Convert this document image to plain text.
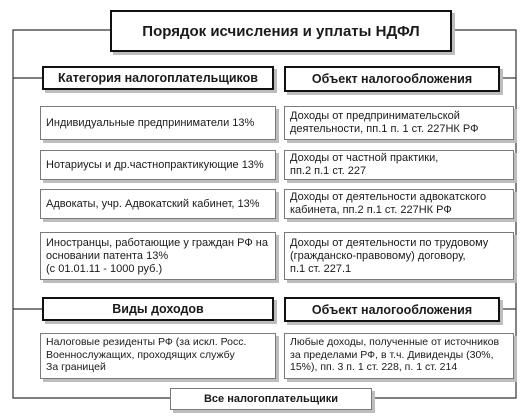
Порядок исчисления и уплаты НДФЛ
Категория налогоплательщиков	Объект налогообложения
Индивидуальные предприниматели 13%
Нотариусы и др.частнопрактикующие 13%
Адвокаты, учр. Адвокатский кабинет, 13%
Иностранцы, работающие у граждан РФ на основании патента 13%
(с 01.01.11 - 1000 руб.)
Доходы от предпринимательской деятельности, пп.1 п. 1 ст. 227НК РФ
Доходы от частной практики,
пп.2 п.1 ст. 227
Доходы от деятельности адвокатского кабинета, пп.2 п.1 ст. 227НК РФ
Доходы от деятельности по трудовому (гражданско-правовому) договору,
п.1 ст. 227.1
Виды доходов	Объект налогообложения
Налоговые резиденты РФ (за искл. Росс. Военнослужащих, проходящих службу
За границей
Любые доходы, полученные от источников за пределами РФ, в т.ч. Дивиденды (30%, 15%), пп. 3 п. 1 ст. 228, п. 1 ст. 214
Все налогоплательщики
